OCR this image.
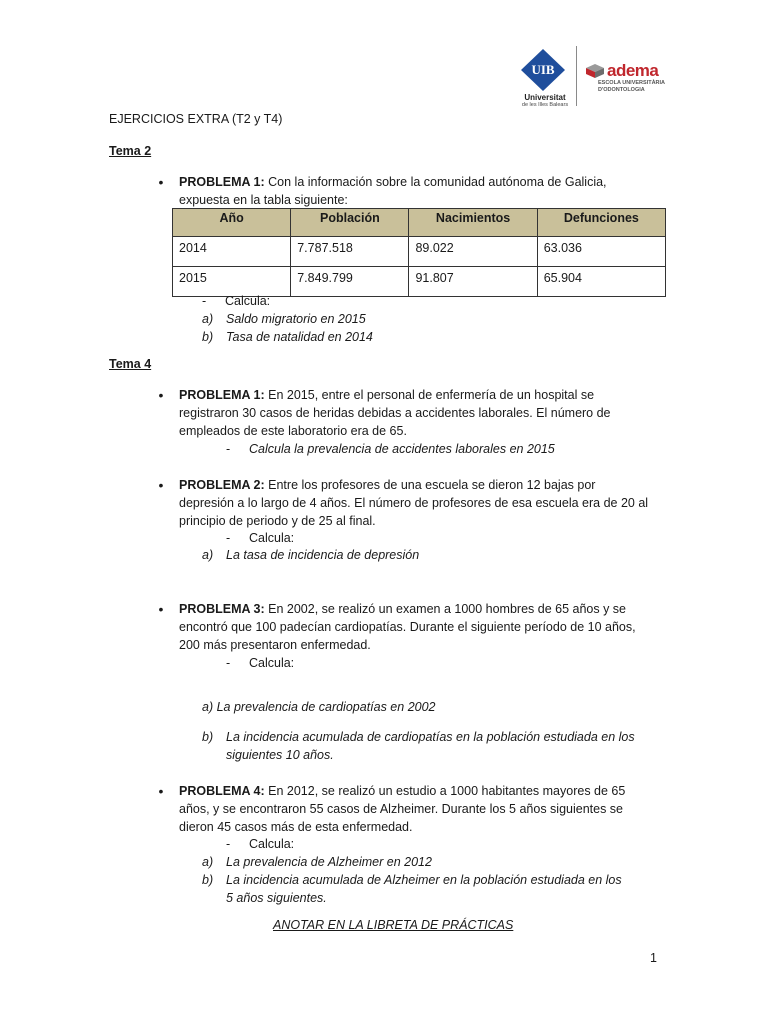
UIB
Universitat
de les Illes Balears
adema
ESCOLA UNIVERSITÀRIA D'ODONTOLOGIA
EJERCICIOS EXTRA (T2 y T4)
Tema 2
• PROBLEMA 1: Con la información sobre la comunidad autónoma de Galicia,
expuesta en la tabla siguiente:
Año	Población	Nacimientos	Defunciones
2014	7.787.518	89.022	63.036
2015	7.849.799	91.807	65.904
-	Calcula:
a)	Saldo migratorio en 2015
b)	Tasa de natalidad en 2014
Tema 4
• PROBLEMA 1: En 2015, entre el personal de enfermería de un hospital se
registraron 30 casos de heridas debidas a accidentes laborales. El número de
empleados de este laboratorio era de 65.
-	Calcula la prevalencia de accidentes laborales en 2015
• PROBLEMA 2: Entre los profesores de una escuela se dieron 12 bajas por
depresión a lo largo de 4 años. El número de profesores de esa escuela era de 20 al
principio de periodo y de 25 al final.
-	Calcula:
a)	La tasa de incidencia de depresión
• PROBLEMA 3: En 2002, se realizó un examen a 1000 hombres de 65 años y se
encontró que 100 padecían cardiopatías. Durante el siguiente período de 10 años,
200 más presentaron enfermedad.
-	Calcula:
a) La prevalencia de cardiopatías en 2002
b)	La incidencia acumulada de cardiopatías en la población estudiada en los
siguientes 10 años.
• PROBLEMA 4: En 2012, se realizó un estudio a 1000 habitantes mayores de 65
años, y se encontraron 55 casos de Alzheimer. Durante los 5 años siguientes se
dieron 45 casos más de esta enfermedad.
-	Calcula:
a)	La prevalencia de Alzheimer en 2012
b)	La incidencia acumulada de Alzheimer en la población estudiada en los
5 años siguientes.
ANOTAR EN LA LIBRETA DE PRÁCTICAS
1
